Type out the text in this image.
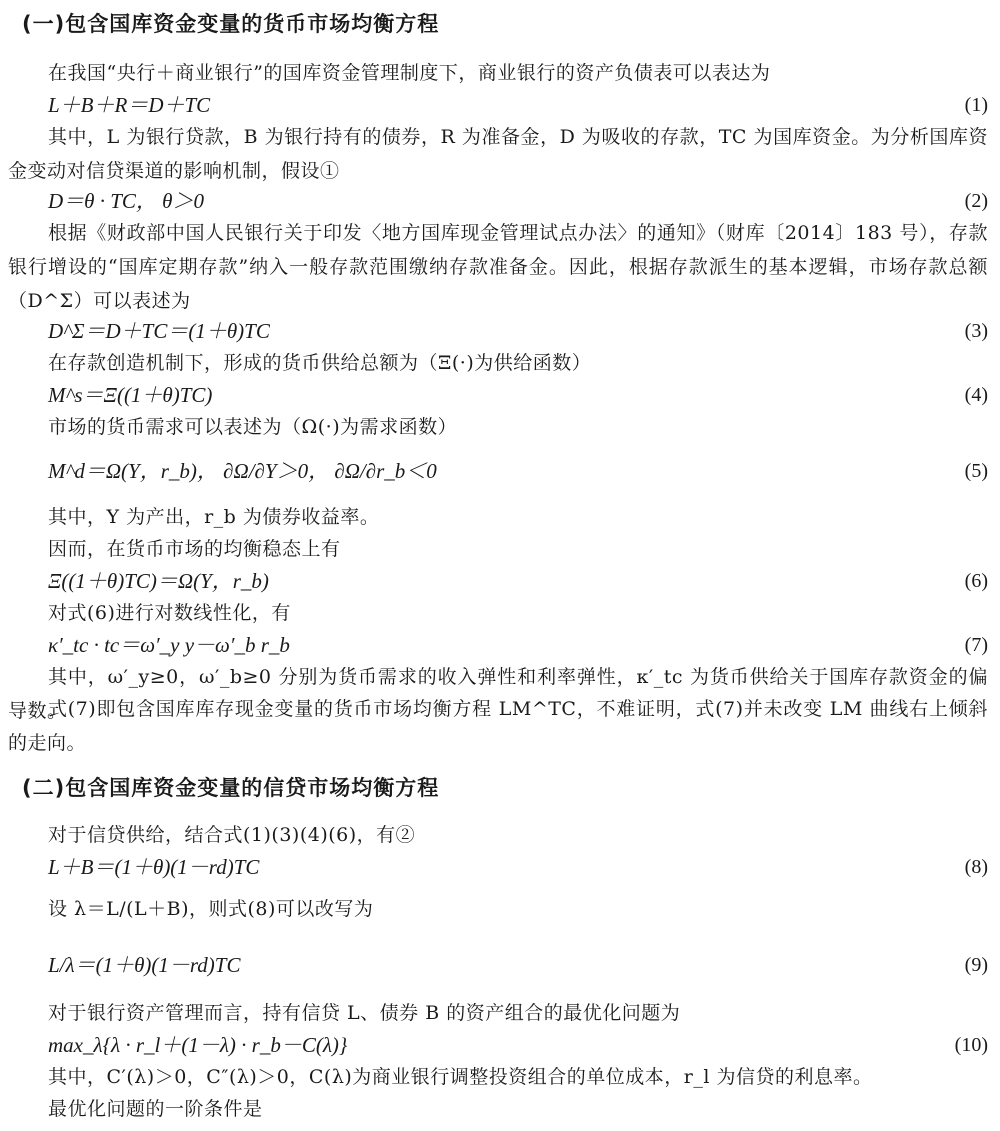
(一)包含国库资金变量的货币市场均衡方程
在我国“央行＋商业银行”的国库资金管理制度下，商业银行的资产负债表可以表达为
L＋B＋R＝D＋TC	(1)
其中，L 为银行贷款，B 为银行持有的债券，R 为准备金，D 为吸收的存款，TC 为国库资金。为分析国库资金变动对信贷渠道的影响机制，假设①
D＝θ · TC， θ＞0	(2)
根据《财政部中国人民银行关于印发〈地方国库现金管理试点办法〉的通知》（财库〔2014〕183 号），存款银行增设的“国库定期存款”纳入一般存款范围缴纳存款准备金。因此，根据存款派生的基本逻辑，市场存款总额（D^Σ）可以表述为
D^Σ＝D＋TC＝(1＋θ)TC	(3)
在存款创造机制下，形成的货币供给总额为（Ξ(·)为供给函数）
M^s＝Ξ((1＋θ)TC)	(4)
市场的货币需求可以表述为（Ω(·)为需求函数）
M^d＝Ω(Y，r_b)， ∂Ω/∂Y＞0， ∂Ω/∂r_b＜0	(5)
其中，Y 为产出，r_b 为债券收益率。
因而，在货币市场的均衡稳态上有
Ξ((1＋θ)TC)＝Ω(Y，r_b)	(6)
对式(6)进行对数线性化，有
κ′_tc · tc＝ω′_y y－ω′_b r_b	(7)
其中，ω′_y≥0，ω′_b≥0 分别为货币需求的收入弹性和利率弹性，κ′_tc 为货币供给关于国库存款资金的偏导数。
式(7)即包含国库库存现金变量的货币市场均衡方程 LM^TC，不难证明，式(7)并未改变 LM 曲线右上倾斜的走向。
(二)包含国库资金变量的信贷市场均衡方程
对于信贷供给，结合式(1)(3)(4)(6)，有②
L＋B＝(1＋θ)(1－rd)TC	(8)
设 λ＝L/(L＋B)，则式(8)可以改写为
L/λ＝(1＋θ)(1－rd)TC	(9)
对于银行资产管理而言，持有信贷 L、债券 B 的资产组合的最优化问题为
max_λ{λ · r_l＋(1－λ) · r_b－C(λ)}	(10)
其中，C′(λ)＞0，C″(λ)＞0，C(λ)为商业银行调整投资组合的单位成本，r_l 为信贷的利息率。
最优化问题的一阶条件是
